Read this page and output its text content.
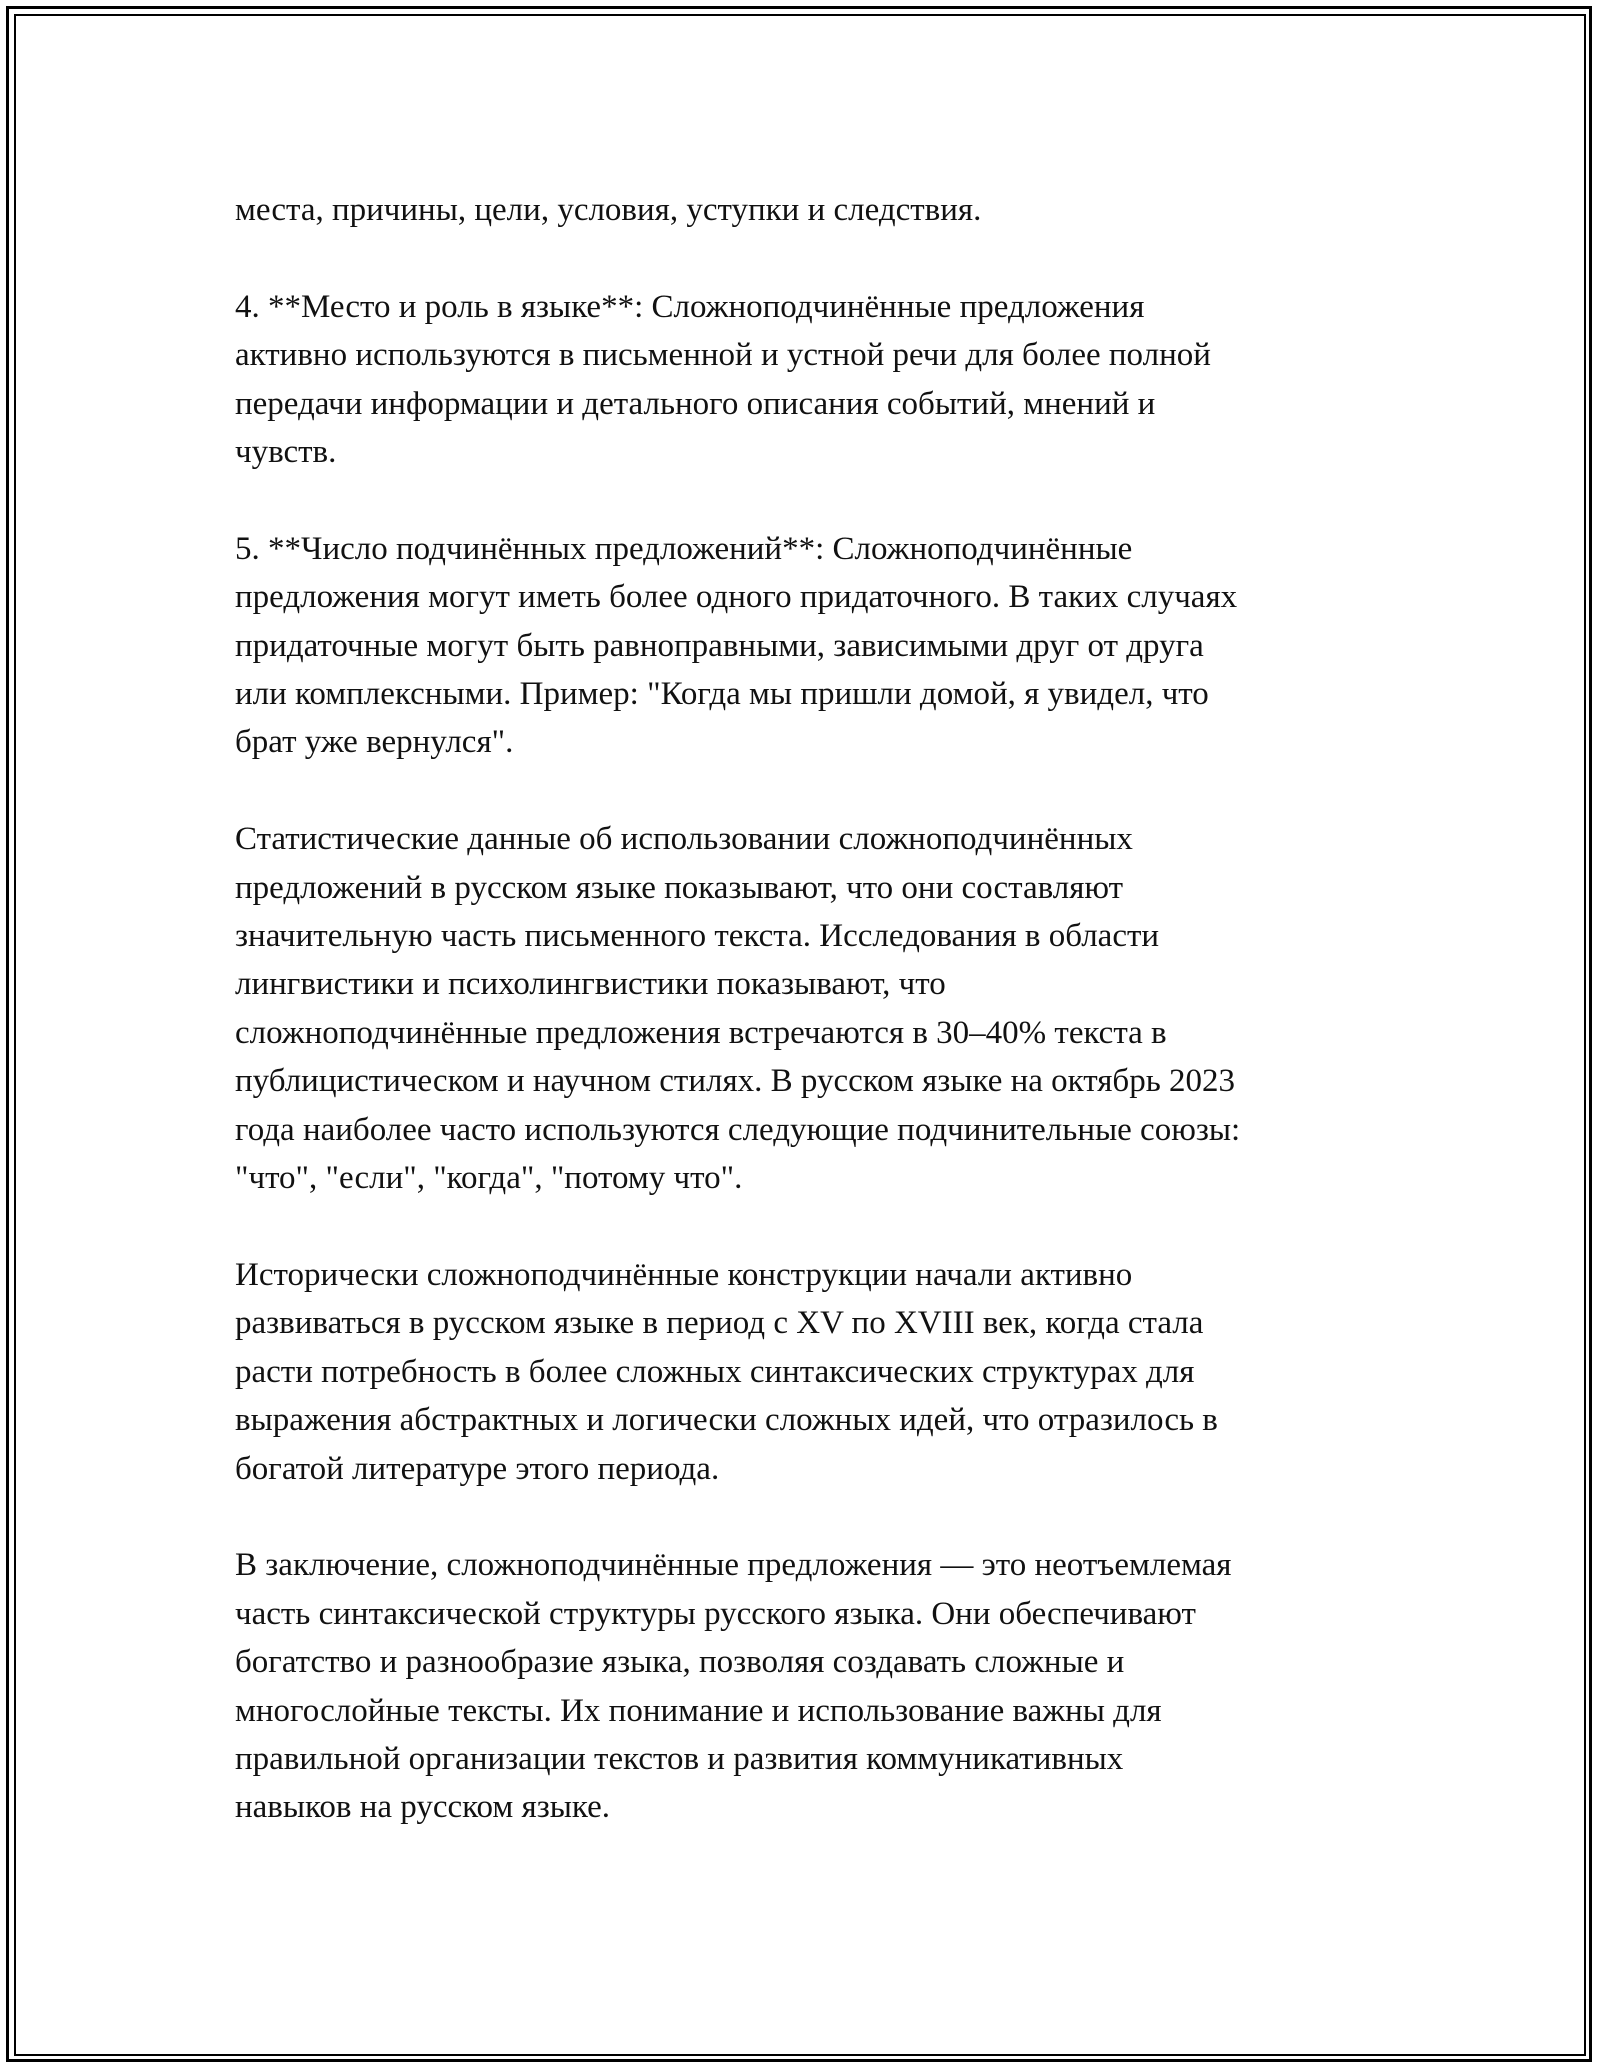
места, причины, цели, условия, уступки и следствия.

4. **Место и роль в языке**: Сложноподчинённые предложения
активно используются в письменной и устной речи для более полной
передачи информации и детального описания событий, мнений и
чувств.

5. **Число подчинённых предложений**: Сложноподчинённые
предложения могут иметь более одного придаточного. В таких случаях
придаточные могут быть равноправными, зависимыми друг от друга
или комплексными. Пример: "Когда мы пришли домой, я увидел, что
брат уже вернулся".

Статистические данные об использовании сложноподчинённых
предложений в русском языке показывают, что они составляют
значительную часть письменного текста. Исследования в области
лингвистики и психолингвистики показывают, что
сложноподчинённые предложения встречаются в 30–40% текста в
публицистическом и научном стилях. В русском языке на октябрь 2023
года наиболее часто используются следующие подчинительные союзы:
"что", "если", "когда", "потому что".

Исторически сложноподчинённые конструкции начали активно
развиваться в русском языке в период с XV по XVIII век, когда стала
расти потребность в более сложных синтаксических структурах для
выражения абстрактных и логически сложных идей, что отразилось в
богатой литературе этого периода.

В заключение, сложноподчинённые предложения — это неотъемлемая
часть синтаксической структуры русского языка. Они обеспечивают
богатство и разнообразие языка, позволяя создавать сложные и
многослойные тексты. Их понимание и использование важны для
правильной организации текстов и развития коммуникативных
навыков на русском языке.
